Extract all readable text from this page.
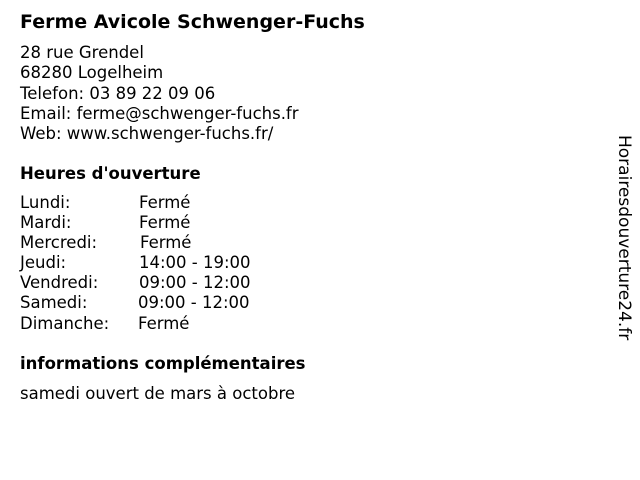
Ferme Avicole Schwenger-Fuchs
28 rue Grendel
68280 Logelheim
Telefon: 03 89 22 09 06
Email: ferme@schwenger-fuchs.fr
Web: www.schwenger-fuchs.fr/
Heures d'ouverture
Lundi:	Fermé
Mardi:	Fermé
Mercredi:	Fermé
Jeudi:	14:00 - 19:00
Vendredi: 09:00 - 12:00
Samedi:	09:00 - 12:00
Dimanche: Fermé
informations complémentaires
samedi ouvert de mars à octobre
Horairesdouverture24.fr
